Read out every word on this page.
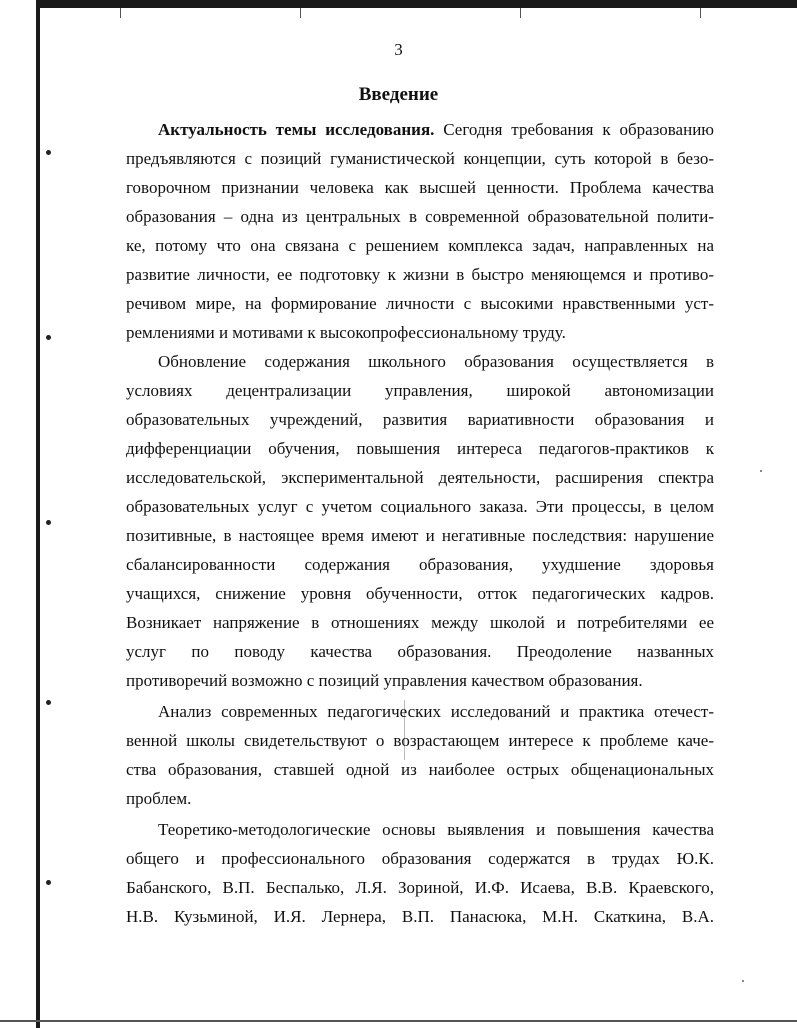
3
Введение
Актуальность темы исследования. Сегодня требования к образованию
предъявляются с позиций гуманистической концепции, суть которой в безо-
говорочном признании человека как высшей ценности. Проблема качества
образования – одна из центральных в современной образовательной полити-
ке, потому что она связана с решением комплекса задач, направленных на
развитие личности, ее подготовку к жизни в быстро меняющемся и противо-
речивом мире, на формирование личности с высокими нравственными уст-
ремлениями и мотивами к высокопрофессиональному труду.
Обновление содержания школьного образования осуществляется в
условиях децентрализации управления, широкой автономизации
образовательных учреждений, развития вариативности образования и
дифференциации обучения, повышения интереса педагогов-практиков к
исследовательской, экспериментальной деятельности, расширения спектра
образовательных услуг с учетом социального заказа. Эти процессы, в целом
позитивные, в настоящее время имеют и негативные последствия: нарушение
сбалансированности содержания образования, ухудшение здоровья
учащихся, снижение уровня обученности, отток педагогических кадров.
Возникает напряжение в отношениях между школой и потребителями ее
услуг по поводу качества образования. Преодоление названных
противоречий возможно с позиций управления качеством образования.
Анализ современных педагогических исследований и практика отечест-
венной школы свидетельствуют о возрастающем интересе к проблеме каче-
ства образования, ставшей одной из наиболее острых общенациональных
проблем.
Теоретико-методологические основы выявления и повышения качества
общего и профессионального образования содержатся в трудах Ю.К.
Бабанского, В.П. Беспалько, Л.Я. Зориной, И.Ф. Исаева, В.В. Краевского,
Н.В. Кузьминой, И.Я. Лернера, В.П. Панасюка, М.Н. Скаткина, В.А.
